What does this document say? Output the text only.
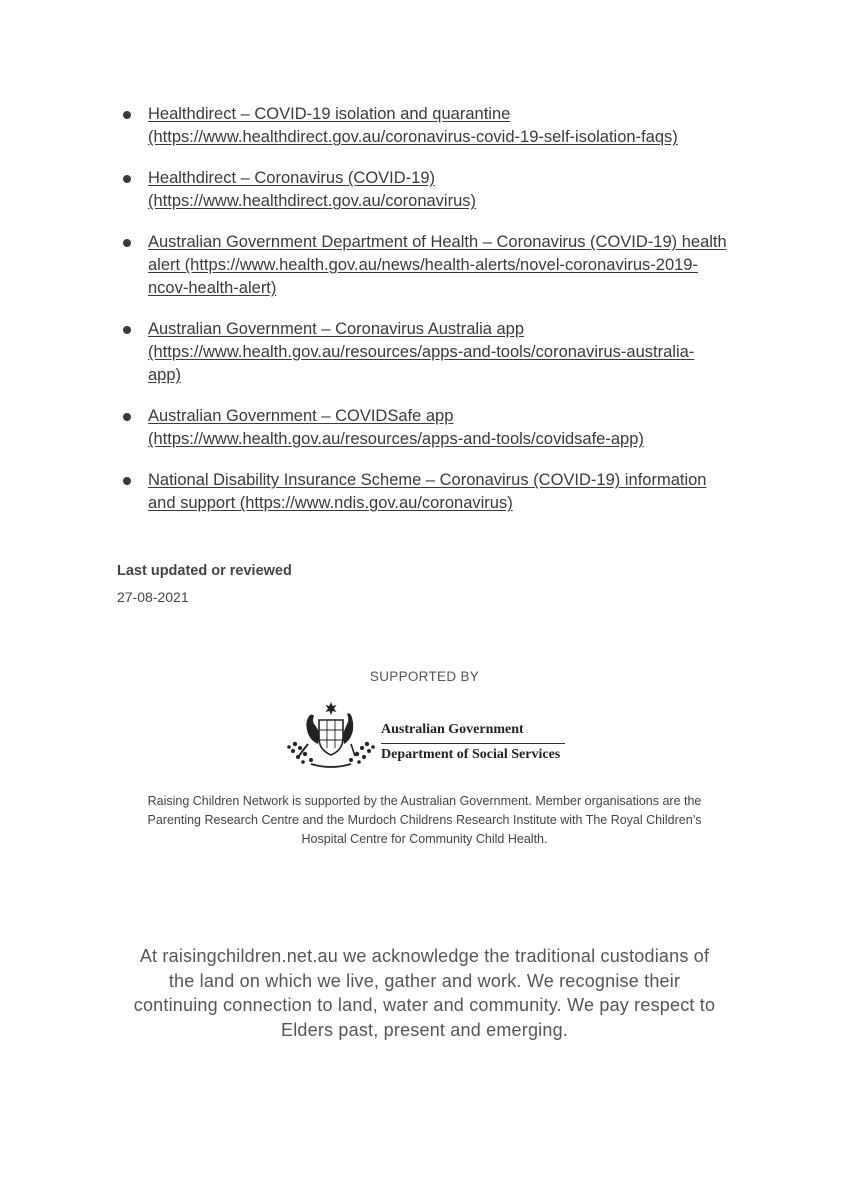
Healthdirect – COVID-19 isolation and quarantine
(https://www.healthdirect.gov.au/coronavirus-covid-19-self-isolation-faqs)
Healthdirect – Coronavirus (COVID-19)
(https://www.healthdirect.gov.au/coronavirus)
Australian Government Department of Health – Coronavirus (COVID-19) health
alert (https://www.health.gov.au/news/health-alerts/novel-coronavirus-2019-
ncov-health-alert)
Australian Government – Coronavirus Australia app
(https://www.health.gov.au/resources/apps-and-tools/coronavirus-australia-
app)
Australian Government – COVIDSafe app
(https://www.health.gov.au/resources/apps-and-tools/covidsafe-app)
National Disability Insurance Scheme – Coronavirus (COVID-19) information
and support (https://www.ndis.gov.au/coronavirus)
Last updated or reviewed
27-08-2021
SUPPORTED BY
Australian Government
Department of Social Services
Raising Children Network is supported by the Australian Government. Member organisations are the
Parenting Research Centre and the Murdoch Childrens Research Institute with The Royal Children’s
Hospital Centre for Community Child Health.
At raisingchildren.net.au we acknowledge the traditional custodians of
the land on which we live, gather and work. We recognise their
continuing connection to land, water and community. We pay respect to
Elders past, present and emerging.
